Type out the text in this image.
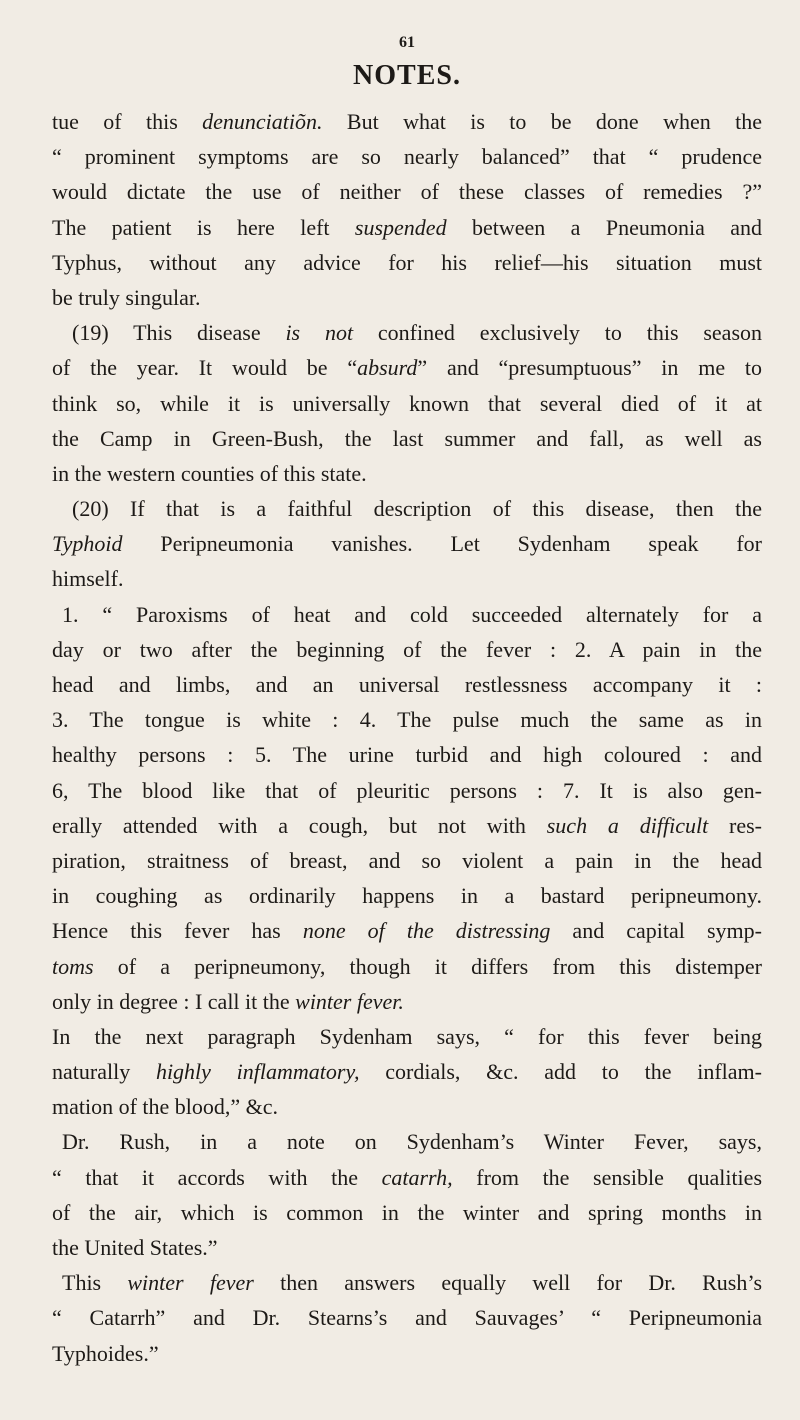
61
NOTES.
tue of this denunciatiõn. But what is to be done when the
“ prominent symptoms are so nearly balanced” that “ prudence
would dictate the use of neither of these classes of remedies ?”
The patient is here left suspended between a Pneumonia and
Typhus, without any advice for his relief—his situation must
be truly singular.
(19) This disease is not confined exclusively to this season
of the year. It would be “absurd” and “presumptuous” in me to
think so, while it is universally known that several died of it at
the Camp in Green-Bush, the last summer and fall, as well as
in the western counties of this state.
(20) If that is a faithful description of this disease, then the
Typhoid Peripneumonia vanishes. Let Sydenham speak for
himself.
1. “ Paroxisms of heat and cold succeeded alternately for a
day or two after the beginning of the fever : 2. A pain in the
head and limbs, and an universal restlessness accompany it :
3. The tongue is white : 4. The pulse much the same as in
healthy persons : 5. The urine turbid and high coloured : and
6, The blood like that of pleuritic persons : 7. It is also gen-
erally attended with a cough, but not with such a difficult res-
piration, straitness of breast, and so violent a pain in the head
in coughing as ordinarily happens in a bastard peripneumony.
Hence this fever has none of the distressing and capital symp-
toms of a peripneumony, though it differs from this distemper
only in degree : I call it the winter fever.
In the next paragraph Sydenham says, “ for this fever being
naturally highly inflammatory, cordials, &c. add to the inflam-
mation of the blood,” &c.
Dr. Rush, in a note on Sydenham’s Winter Fever, says,
“ that it accords with the catarrh, from the sensible qualities
of the air, which is common in the winter and spring months in
the United States.”
This winter fever then answers equally well for Dr. Rush’s
“ Catarrh” and Dr. Stearns’s and Sauvages’ “ Peripneumonia
Typhoides.”
